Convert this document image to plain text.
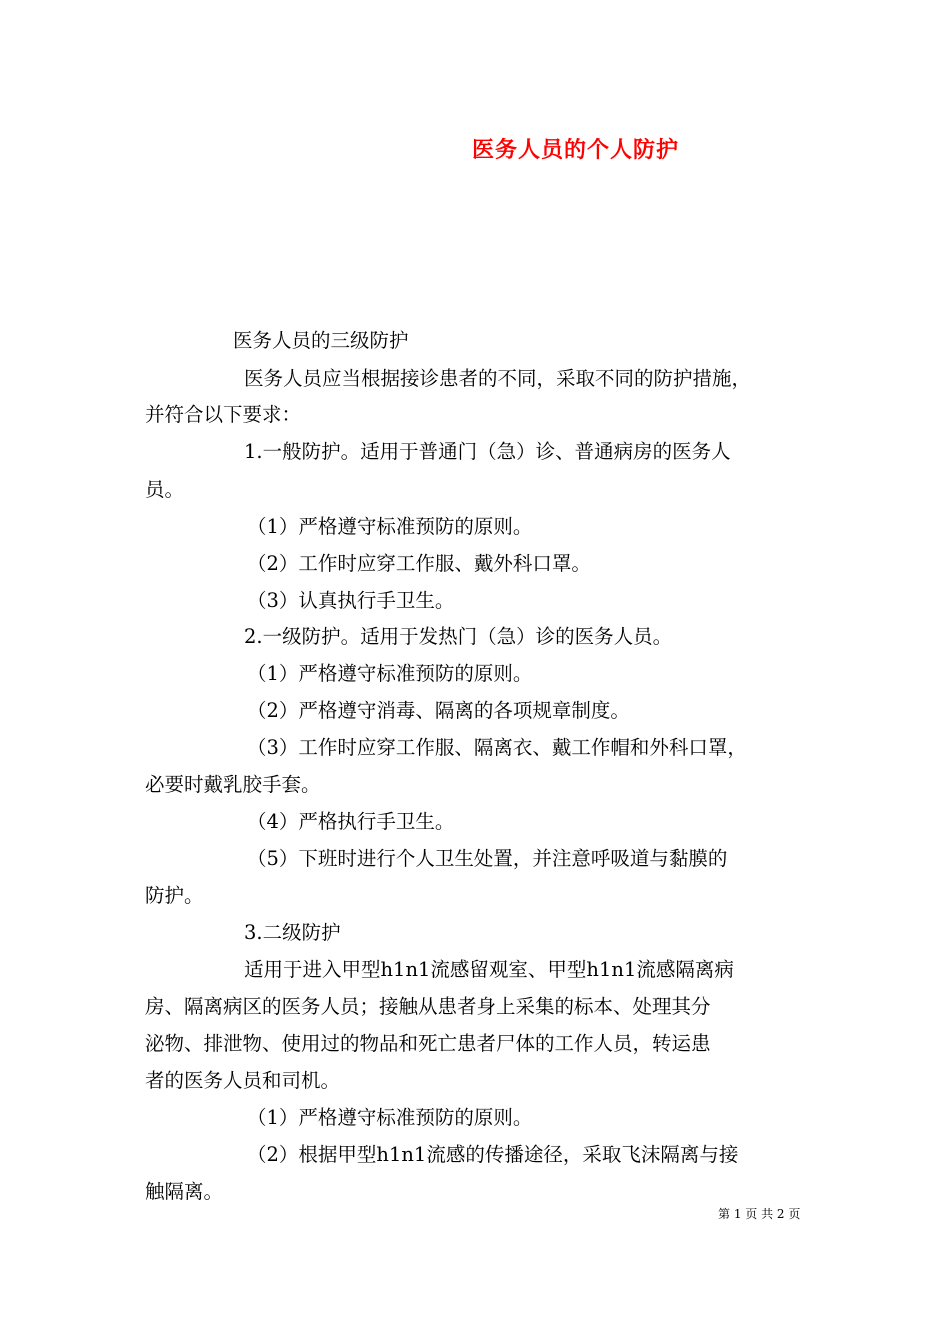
医务人员的个人防护
医务人员的三级防护
医务人员应当根据接诊患者的不同，采取不同的防护措施，
并符合以下要求：
1.一般防护。适用于普通门（急）诊、普通病房的医务人
员。
（1）严格遵守标准预防的原则。
（2）工作时应穿工作服、戴外科口罩。
（3）认真执行手卫生。
2.一级防护。适用于发热门（急）诊的医务人员。
（1）严格遵守标准预防的原则。
（2）严格遵守消毒、隔离的各项规章制度。
（3）工作时应穿工作服、隔离衣、戴工作帽和外科口罩，
必要时戴乳胶手套。
（4）严格执行手卫生。
（5）下班时进行个人卫生处置，并注意呼吸道与黏膜的
防护。
3.二级防护
适用于进入甲型h1n1流感留观室、甲型h1n1流感隔离病
房、隔离病区的医务人员；接触从患者身上采集的标本、处理其分
泌物、排泄物、使用过的物品和死亡患者尸体的工作人员，转运患
者的医务人员和司机。
（1）严格遵守标准预防的原则。
（2）根据甲型h1n1流感的传播途径，采取飞沫隔离与接
触隔离。
第 1 页 共 2 页
